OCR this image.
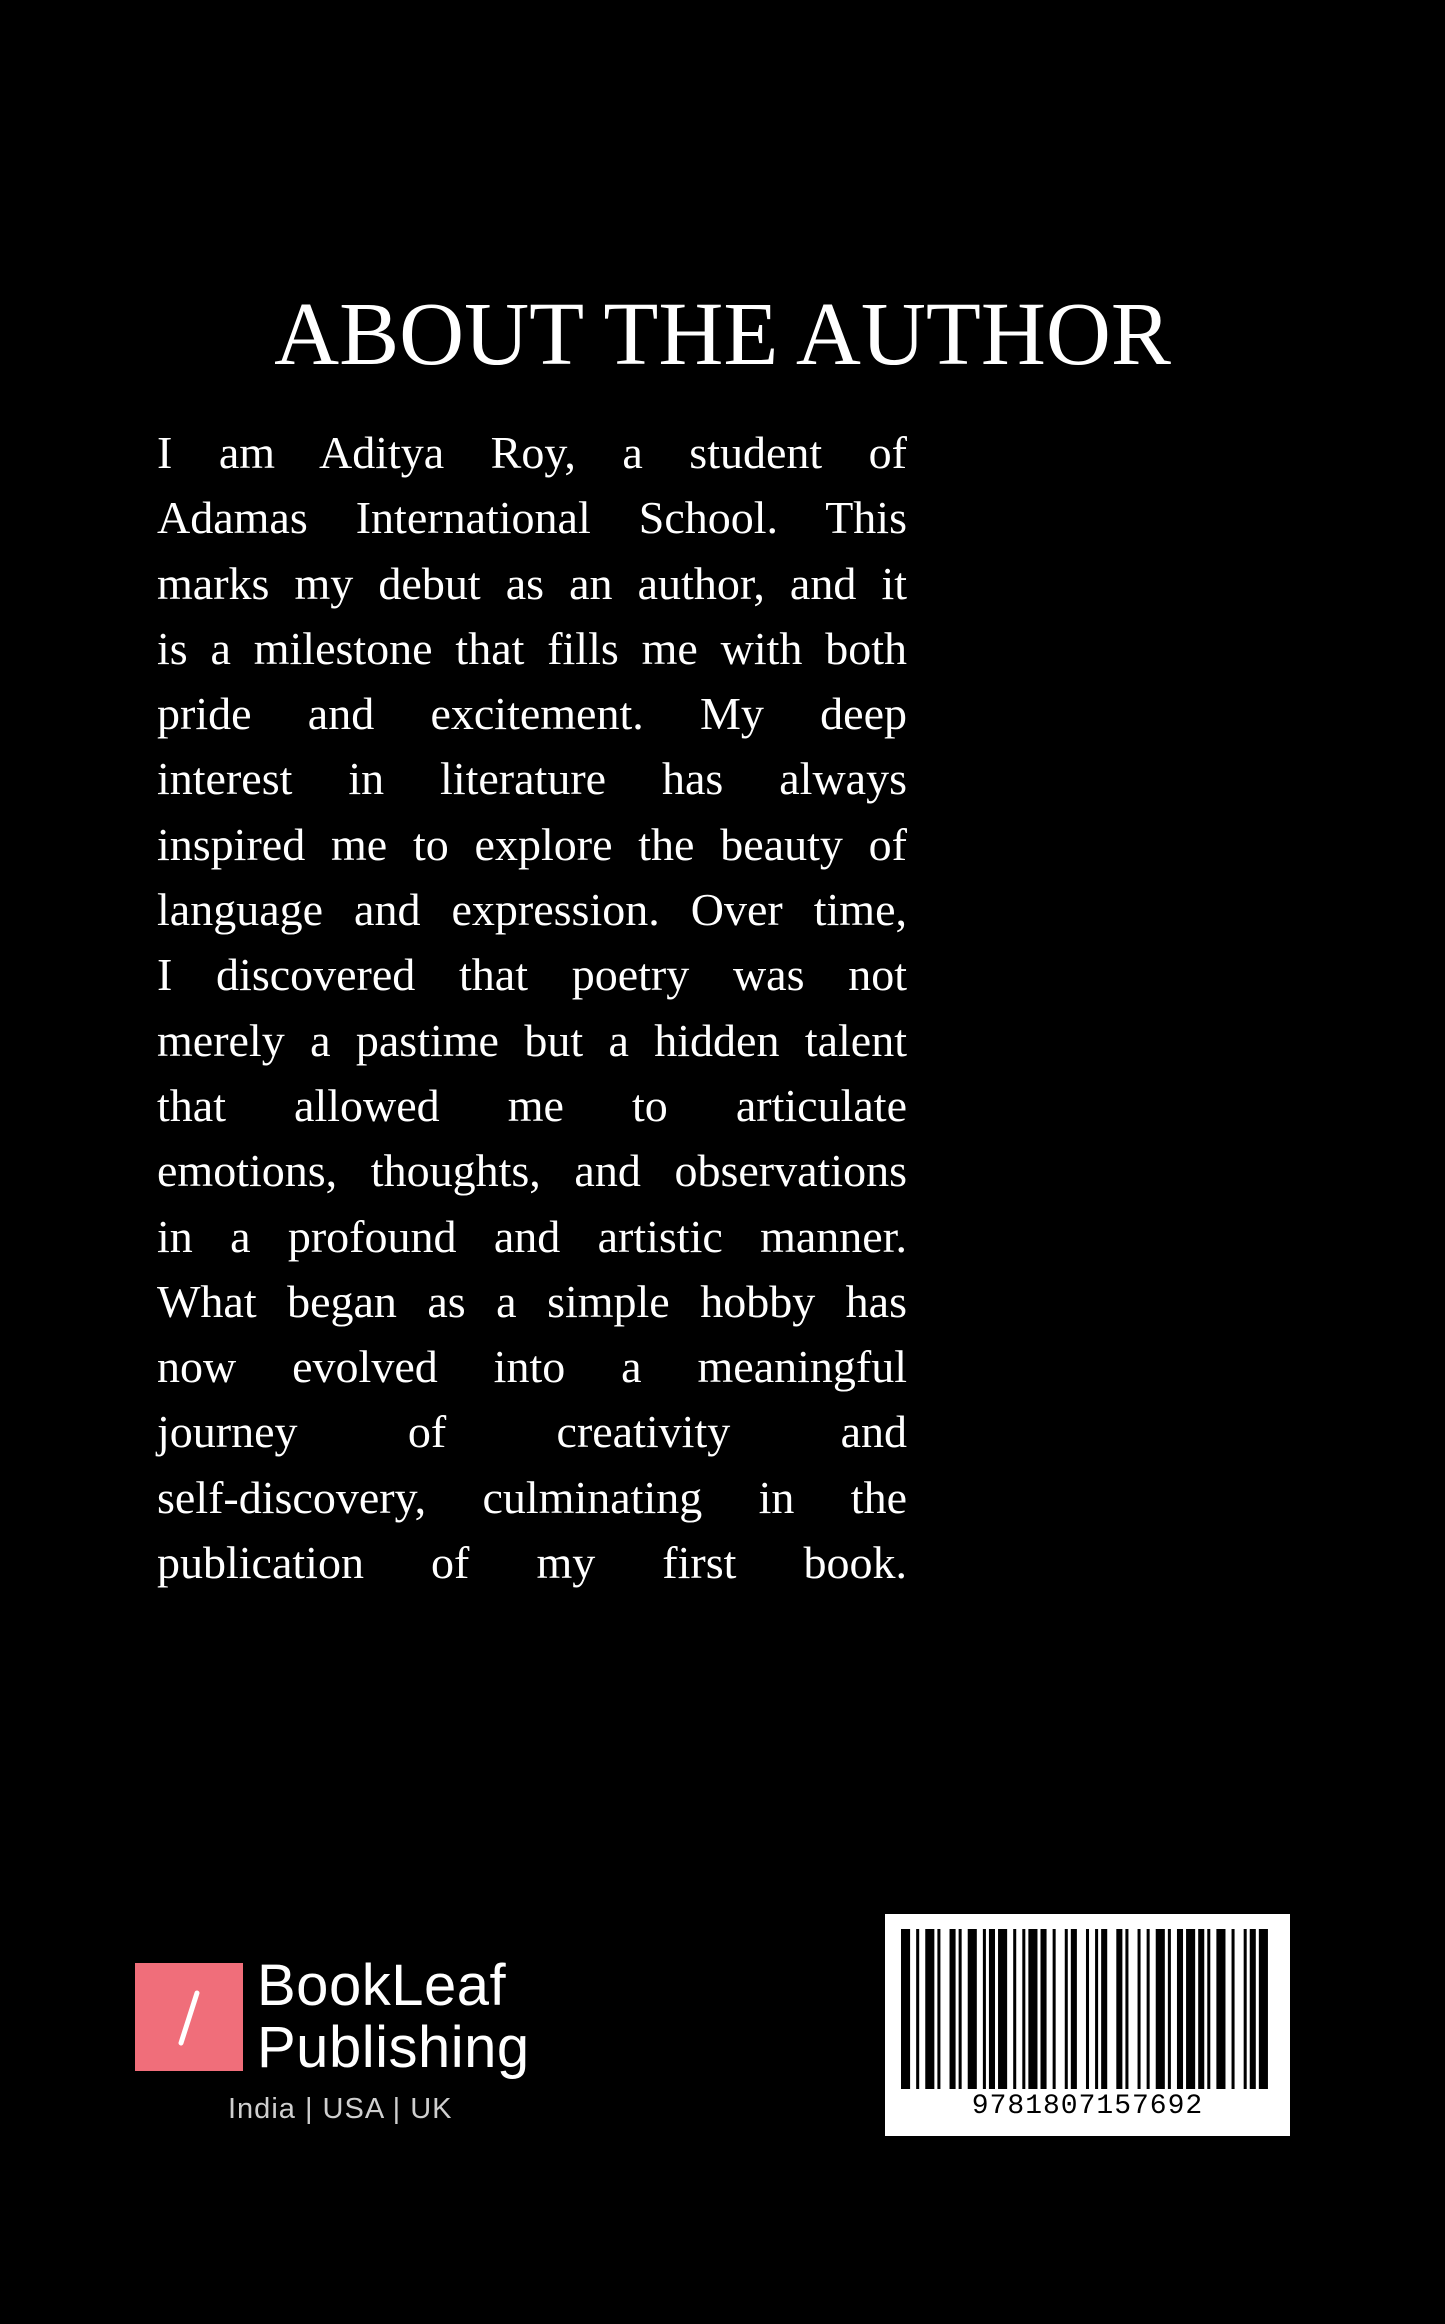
ABOUT THE AUTHOR
I am Aditya Roy, a student of
Adamas International School. This
marks my debut as an author, and it
is a milestone that fills me with both
pride and excitement. My deep
interest in literature has always
inspired me to explore the beauty of
language and expression. Over time,
I discovered that poetry was not
merely a pastime but a hidden talent
that allowed me to articulate
emotions, thoughts, and observations
in a profound and artistic manner.
What began as a simple hobby has
now evolved into a meaningful
journey of creativity and
self-discovery, culminating in the
publication of my first book.
BookLeaf
Publishing
India | USA | UK	9781807157692
